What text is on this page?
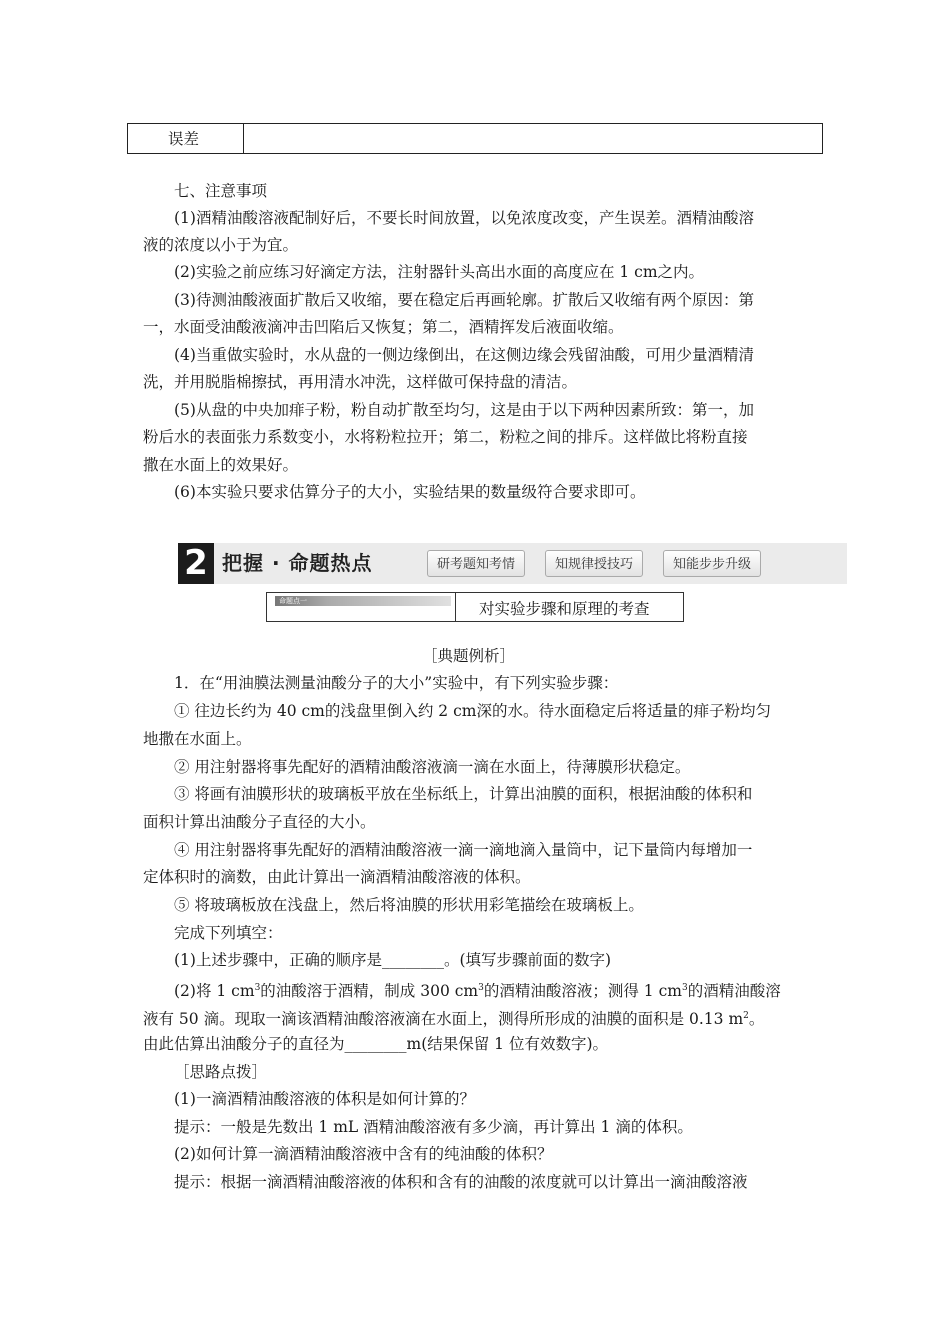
误差
七、注意事项
(1)酒精油酸溶液配制好后，不要长时间放置，以免浓度改变，产生误差。酒精油酸溶
液的浓度以小于为宜。
(2)实验之前应练习好滴定方法，注射器针头高出水面的高度应在 1 cm之内。
(3)待测油酸液面扩散后又收缩，要在稳定后再画轮廓。扩散后又收缩有两个原因：第
一，水面受油酸液滴冲击凹陷后又恢复；第二，酒精挥发后液面收缩。
(4)当重做实验时，水从盘的一侧边缘倒出，在这侧边缘会残留油酸，可用少量酒精清
洗，并用脱脂棉擦拭，再用清水冲洗，这样做可保持盘的清洁。
(5)从盘的中央加痱子粉，粉自动扩散至均匀，这是由于以下两种因素所致：第一，加
粉后水的表面张力系数变小，水将粉粒拉开；第二，粉粒之间的排斥。这样做比将粉直接
撒在水面上的效果好。
(6)本实验只要求估算分子的大小，实验结果的数量级符合要求即可。
2 把握 · 命题热点	研考题知考情	知规律授技巧	知能步步升级
命题点一	对实验步骤和原理的考查
［典题例析］
1．在“用油膜法测量油酸分子的大小”实验中，有下列实验步骤：
① 往边长约为 40 cm的浅盘里倒入约 2 cm深的水。待水面稳定后将适量的痱子粉均匀
地撒在水面上。
② 用注射器将事先配好的酒精油酸溶液滴一滴在水面上，待薄膜形状稳定。
③ 将画有油膜形状的玻璃板平放在坐标纸上，计算出油膜的面积，根据油酸的体积和
面积计算出油酸分子直径的大小。
④ 用注射器将事先配好的酒精油酸溶液一滴一滴地滴入量筒中，记下量筒内每增加一
定体积时的滴数，由此计算出一滴酒精油酸溶液的体积。
⑤ 将玻璃板放在浅盘上，然后将油膜的形状用彩笔描绘在玻璃板上。
完成下列填空：
(1)上述步骤中，正确的顺序是________。(填写步骤前面的数字)
(2)将 1 $cm^3$的油酸溶于酒精，制成 300 $cm^3$的酒精油酸溶液；测得 1 $cm^3$的酒精油酸溶
液有 50 滴。现取一滴该酒精油酸溶液滴在水面上，测得所形成的油膜的面积是 0.13 $m^2$。
由此估算出油酸分子的直径为________m(结果保留 1 位有效数字)。
［思路点拨］
(1)一滴酒精油酸溶液的体积是如何计算的？
提示：一般是先数出 1 mL 酒精油酸溶液有多少滴，再计算出 1 滴的体积。
(2)如何计算一滴酒精油酸溶液中含有的纯油酸的体积？
提示：根据一滴酒精油酸溶液的体积和含有的油酸的浓度就可以计算出一滴油酸溶液
